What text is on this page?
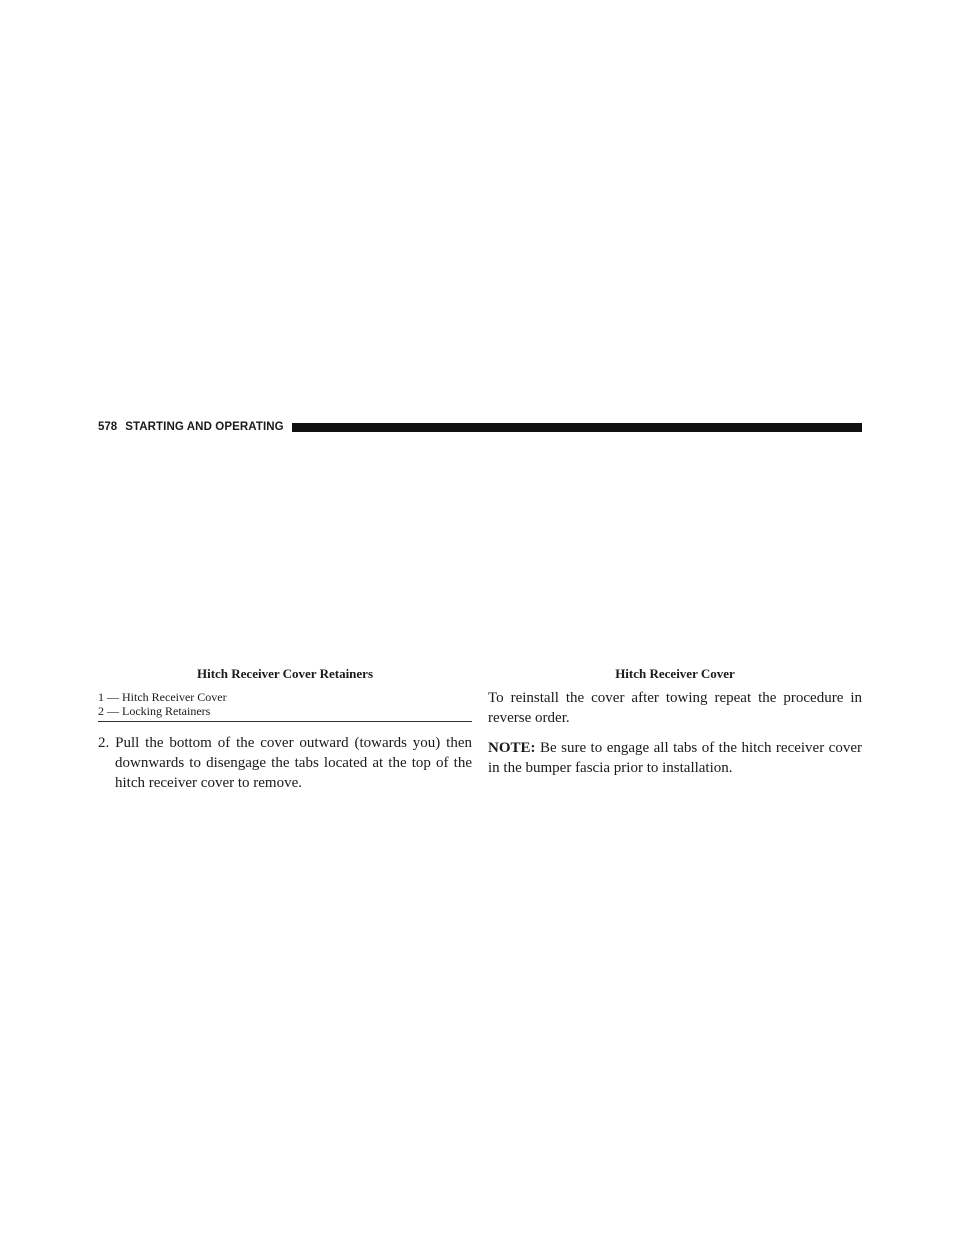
578 STARTING AND OPERATING
Hitch Receiver Cover Retainers
1 — Hitch Receiver Cover
2 — Locking Retainers
2. Pull the bottom of the cover outward (towards you) then downwards to disengage the tabs located at the top of the hitch receiver cover to remove.
Hitch Receiver Cover

To reinstall the cover after towing repeat the procedure in reverse order.

NOTE: Be sure to engage all tabs of the hitch receiver cover in the bumper fascia prior to installation.
